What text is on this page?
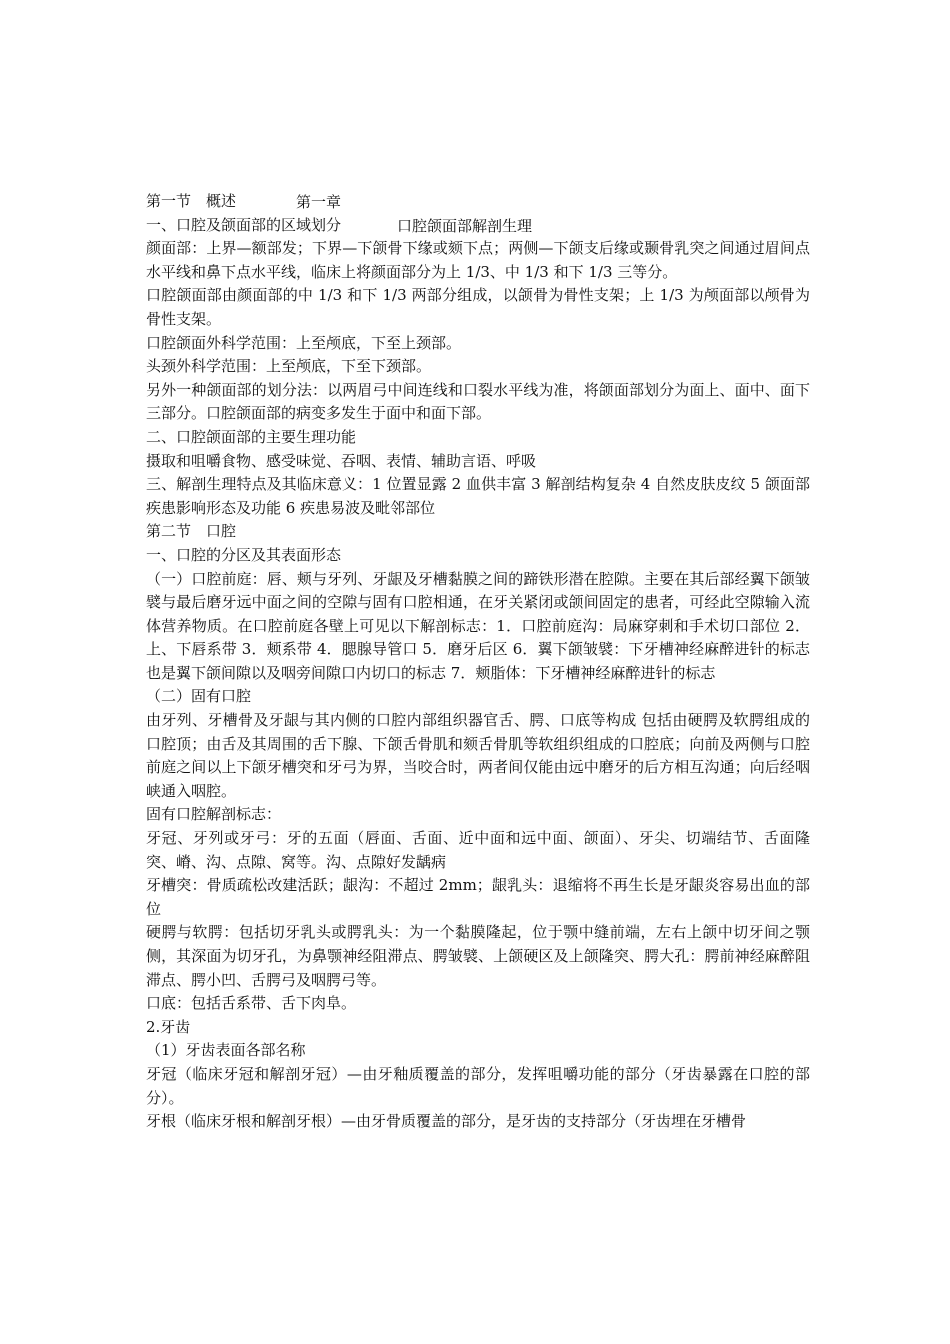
第一章

口腔颌面部解剖生理

第一节　概述

一、口腔及颌面部的区域划分

颜面部：上界—额部发；下界—下颌骨下缘或颏下点；两侧—下颌支后缘或颞骨乳突之间通过眉间点水平线和鼻下点水平线，临床上将颜面部分为上 1/3、中 1/3 和下 1/3 三等分。

口腔颌面部由颜面部的中 1/3 和下 1/3 两部分组成，以颌骨为骨性支架；上 1/3 为颅面部以颅骨为骨性支架。

口腔颌面外科学范围：上至颅底，下至上颈部。

头颈外科学范围：上至颅底，下至下颈部。

另外一种颌面部的划分法：以两眉弓中间连线和口裂水平线为准，将颌面部划分为面上、面中、面下三部分。口腔颌面部的病变多发生于面中和面下部。

二、口腔颌面部的主要生理功能

摄取和咀嚼食物、感受味觉、吞咽、表情、辅助言语、呼吸

三、解剖生理特点及其临床意义：1 位置显露 2 血供丰富 3 解剖结构复杂 4 自然皮肤皮纹 5 颌面部疾患影响形态及功能 6 疾患易波及毗邻部位

第二节　口腔

一、口腔的分区及其表面形态

（一）口腔前庭：唇、颊与牙列、牙龈及牙槽黏膜之间的蹄铁形潜在腔隙。主要在其后部经翼下颌皱襞与最后磨牙远中面之间的空隙与固有口腔相通，在牙关紧闭或颌间固定的患者，可经此空隙输入流体营养物质。在口腔前庭各壁上可见以下解剖标志：1．口腔前庭沟：局麻穿刺和手术切口部位 2．上、下唇系带 3．颊系带 4．腮腺导管口 5．磨牙后区 6．翼下颌皱襞：下牙槽神经麻醉进针的标志也是翼下颌间隙以及咽旁间隙口内切口的标志 7．颊脂体：下牙槽神经麻醉进针的标志

（二）固有口腔

由牙列、牙槽骨及牙龈与其内侧的口腔内部组织器官舌、腭、口底等构成 包括由硬腭及软腭组成的口腔顶；由舌及其周围的舌下腺、下颌舌骨肌和颏舌骨肌等软组织组成的口腔底；向前及两侧与口腔前庭之间以上下颌牙槽突和牙弓为界，当咬合时，两者间仅能由远中磨牙的后方相互沟通；向后经咽峡通入咽腔。

固有口腔解剖标志：

牙冠、牙列或牙弓：牙的五面（唇面、舌面、近中面和远中面、颌面）、牙尖、切端结节、舌面隆突、嵴、沟、点隙、窝等。沟、点隙好发龋病

牙槽突：骨质疏松改建活跃；龈沟：不超过 2mm；龈乳头：退缩将不再生长是牙龈炎容易出血的部位

硬腭与软腭：包括切牙乳头或腭乳头：为一个黏膜隆起，位于颚中缝前端，左右上颌中切牙间之颚侧，其深面为切牙孔，为鼻颚神经阻滞点、腭皱襞、上颌硬区及上颌隆突、腭大孔：腭前神经麻醉阻滞点、腭小凹、舌腭弓及咽腭弓等。

口底：包括舌系带、舌下肉阜。

2.牙齿

（1）牙齿表面各部名称

牙冠（临床牙冠和解剖牙冠）—由牙釉质覆盖的部分，发挥咀嚼功能的部分（牙齿暴露在口腔的部分）。

牙根（临床牙根和解剖牙根）—由牙骨质覆盖的部分，是牙齿的支持部分（牙齿埋在牙槽骨
